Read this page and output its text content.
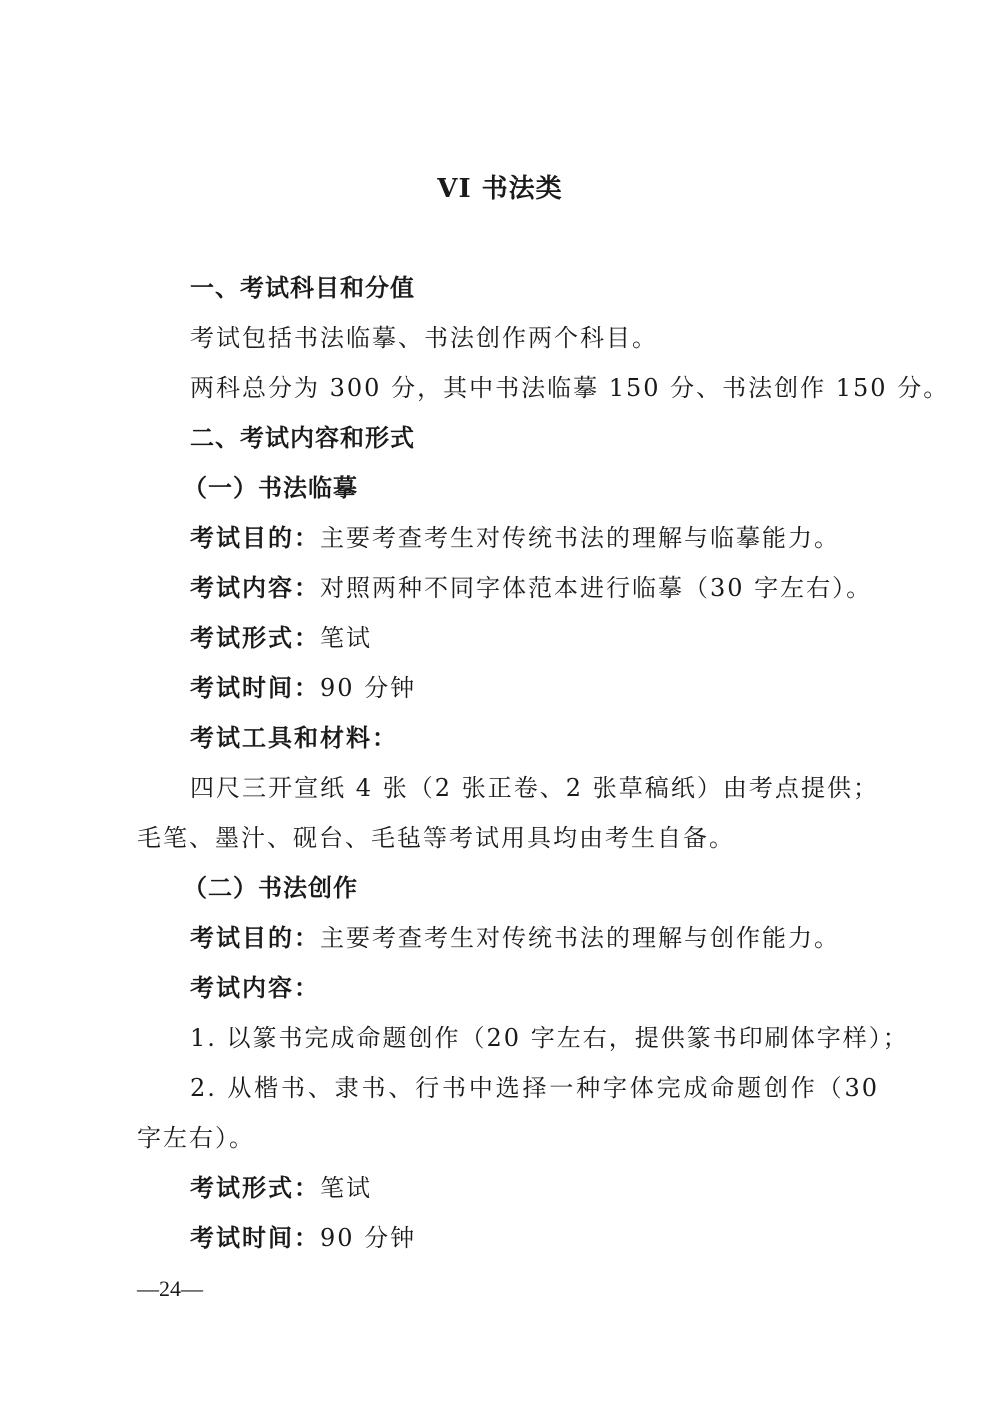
VI 书法类
一、考试科目和分值
考试包括书法临摹、书法创作两个科目。
两科总分为 300 分，其中书法临摹 150 分、书法创作 150 分。
二、考试内容和形式
（一）书法临摹
考试目的：主要考查考生对传统书法的理解与临摹能力。
考试内容：对照两种不同字体范本进行临摹（30 字左右）。
考试形式：笔试
考试时间：90 分钟
考试工具和材料：
四尺三开宣纸 4 张（2 张正卷、2 张草稿纸）由考点提供；毛笔、墨汁、砚台、毛毡等考试用具均由考生自备。
（二）书法创作
考试目的：主要考查考生对传统书法的理解与创作能力。
考试内容：
1. 以篆书完成命题创作（20 字左右，提供篆书印刷体字样）；
2. 从楷书、隶书、行书中选择一种字体完成命题创作（30 字左右）。
考试形式：笔试
考试时间：90 分钟
—24—
